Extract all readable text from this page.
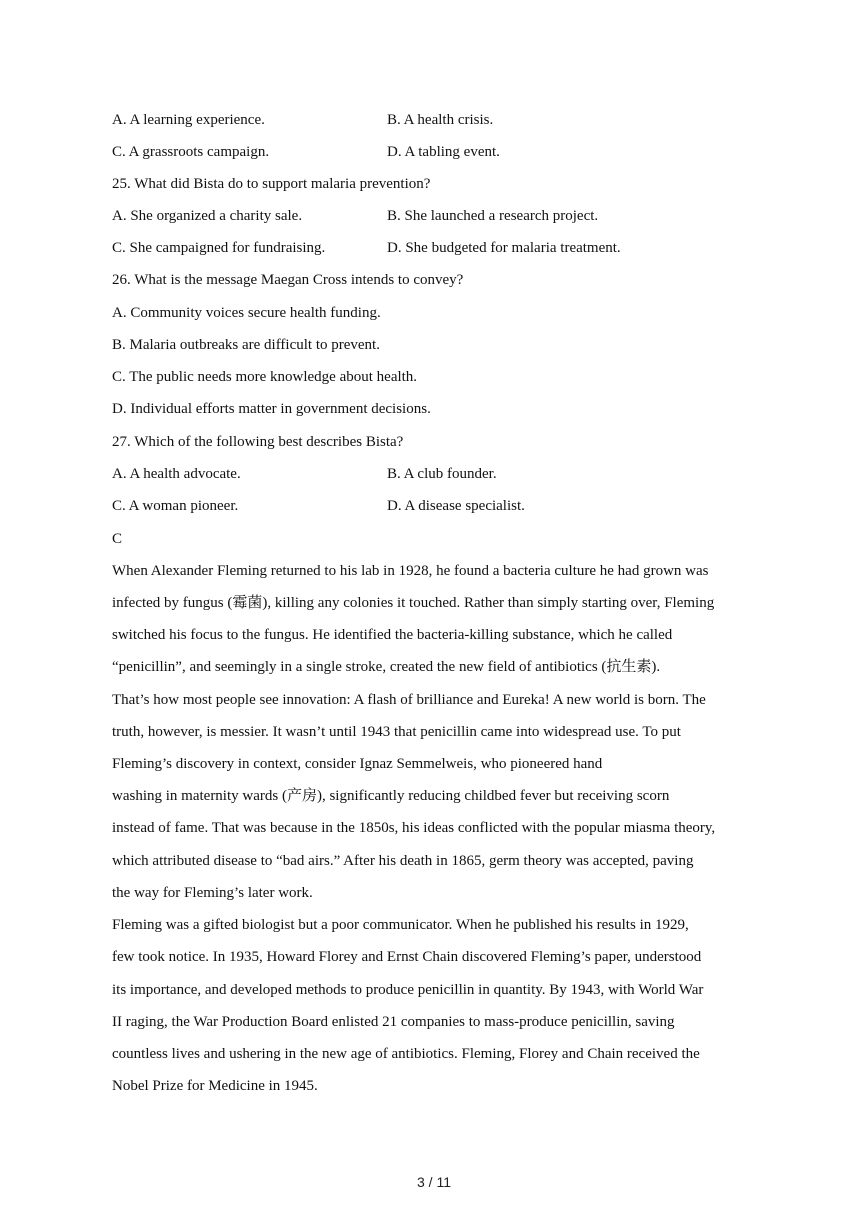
A. A learning experience.	B. A health crisis.
C. A grassroots campaign.	D. A tabling event.
25. What did Bista do to support malaria prevention?
A. She organized a charity sale.	B. She launched a research project.
C. She campaigned for fundraising.	D. She budgeted for malaria treatment.
26. What is the message Maegan Cross intends to convey?
A. Community voices secure health funding.
B. Malaria outbreaks are difficult to prevent.
C. The public needs more knowledge about health.
D. Individual efforts matter in government decisions.
27. Which of the following best describes Bista?
A. A health advocate.	B. A club founder.
C. A woman pioneer.	D. A disease specialist.
C
When Alexander Fleming returned to his lab in 1928, he found a bacteria culture he had grown was
infected by fungus (霉菌), killing any colonies it touched. Rather than simply starting over, Fleming
switched his focus to the fungus. He identified the bacteria-killing substance, which he called
“penicillin”, and seemingly in a single stroke, created the new field of antibiotics (抗生素).
That’s how most people see innovation: A flash of brilliance and Eureka! A new world is born. The
truth, however, is messier. It wasn’t until 1943 that penicillin came into widespread use. To put
Fleming’s discovery in context, consider Ignaz Semmelweis, who pioneered hand
washing in maternity wards (产房), significantly reducing childbed fever but receiving scorn
instead of fame. That was because in the 1850s, his ideas conflicted with the popular miasma theory,
which attributed disease to “bad airs.” After his death in 1865, germ theory was accepted, paving
the way for Fleming’s later work.
Fleming was a gifted biologist but a poor communicator. When he published his results in 1929,
few took notice. In 1935, Howard Florey and Ernst Chain discovered Fleming’s paper, understood
its importance, and developed methods to produce penicillin in quantity. By 1943, with World War
II raging, the War Production Board enlisted 21 companies to mass-produce penicillin, saving
countless lives and ushering in the new age of antibiotics. Fleming, Florey and Chain received the
Nobel Prize for Medicine in 1945.
3 / 11
